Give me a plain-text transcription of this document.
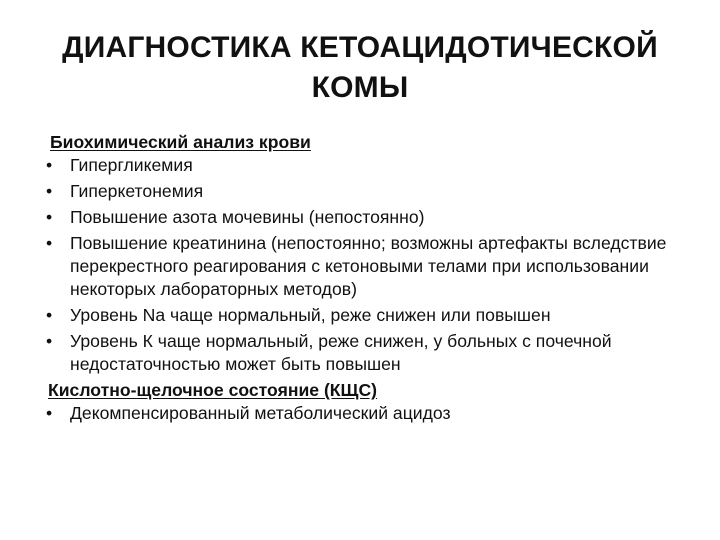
ДИАГНОСТИКА КЕТОАЦИДОТИЧЕСКОЙ
КОМЫ

Биохимический анализ крови

• Гипергликемия
• Гиперкетонемия
• Повышение азота мочевины (непостоянно)
• Повышение креатинина (непостоянно; возможны артефакты вследствие перекрестного реагирования с кетоновыми телами при использовании некоторых лабораторных методов)
• Уровень Na чаще нормальный, реже снижен или повышен
• Уровень К чаще нормальный, реже снижен, у больных с почечной недостаточностью может быть повышен

Кислотно-щелочное состояние (КЩС)

• Декомпенсированный метаболический ацидоз
